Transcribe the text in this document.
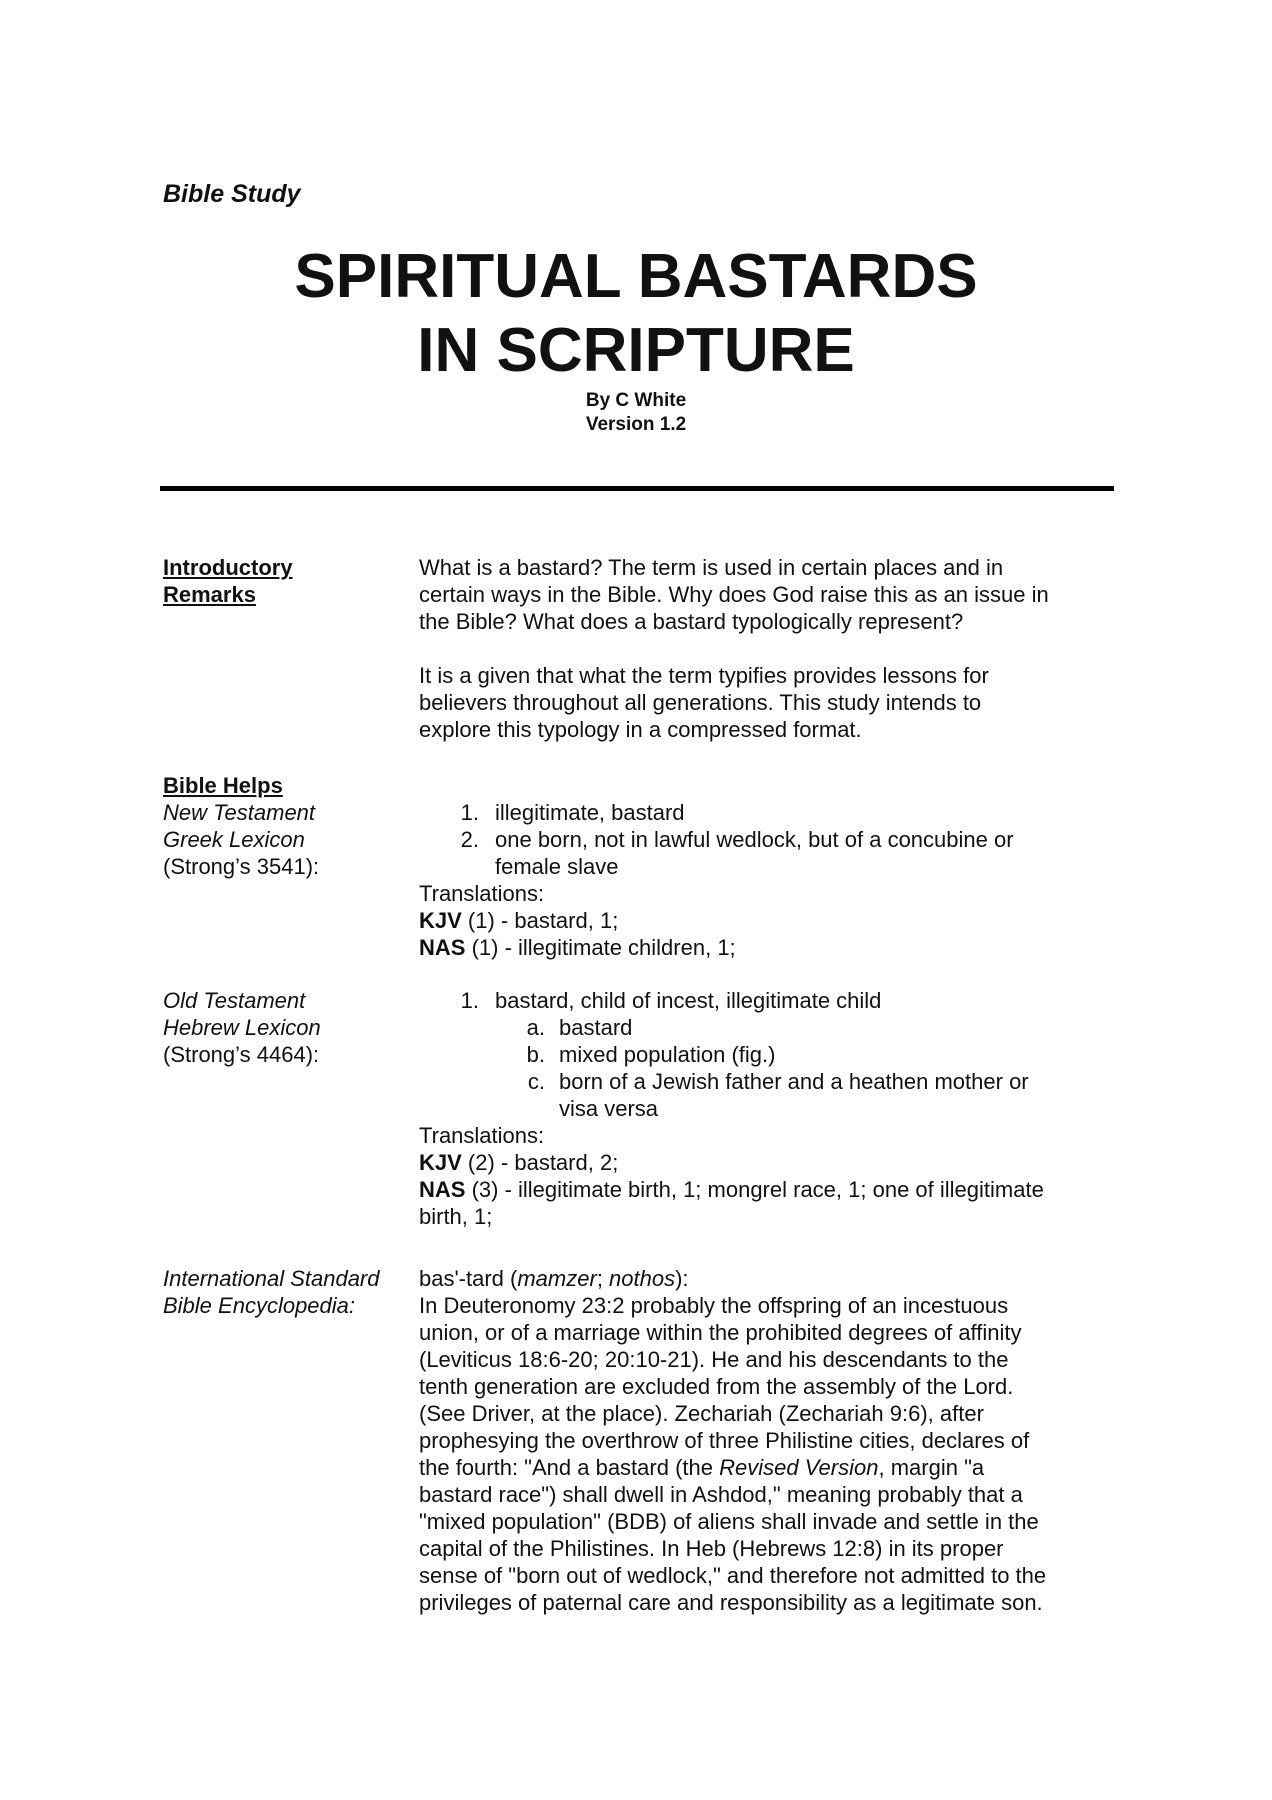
Bible Study
SPIRITUAL BASTARDS
IN SCRIPTURE
By C White
Version 1.2
Introductory
Remarks
What is a bastard? The term is used in certain places and in
certain ways in the Bible. Why does God raise this as an issue in
the Bible? What does a bastard typologically represent?
It is a given that what the term typifies provides lessons for
believers throughout all generations. This study intends to
explore this typology in a compressed format.
Bible Helps
New Testament
Greek Lexicon
(Strong’s 3541):
1. illegitimate, bastard
2. one born, not in lawful wedlock, but of a concubine or
female slave
Translations:
KJV (1) - bastard, 1;
NAS (1) - illegitimate children, 1;
Old Testament
Hebrew Lexicon
(Strong’s 4464):
1. bastard, child of incest, illegitimate child
a. bastard
b. mixed population (fig.)
c. born of a Jewish father and a heathen mother or
visa versa
Translations:
KJV (2) - bastard, 2;
NAS (3) - illegitimate birth, 1; mongrel race, 1; one of illegitimate
birth, 1;
International Standard
Bible Encyclopedia:
bas'-tard (mamzer; nothos):
In Deuteronomy 23:2 probably the offspring of an incestuous
union, or of a marriage within the prohibited degrees of affinity
(Leviticus 18:6-20; 20:10-21). He and his descendants to the
tenth generation are excluded from the assembly of the Lord.
(See Driver, at the place). Zechariah (Zechariah 9:6), after
prophesying the overthrow of three Philistine cities, declares of
the fourth: "And a bastard (the Revised Version, margin "a
bastard race") shall dwell in Ashdod," meaning probably that a
"mixed population" (BDB) of aliens shall invade and settle in the
capital of the Philistines. In Heb (Hebrews 12:8) in its proper
sense of "born out of wedlock," and therefore not admitted to the
privileges of paternal care and responsibility as a legitimate son.
